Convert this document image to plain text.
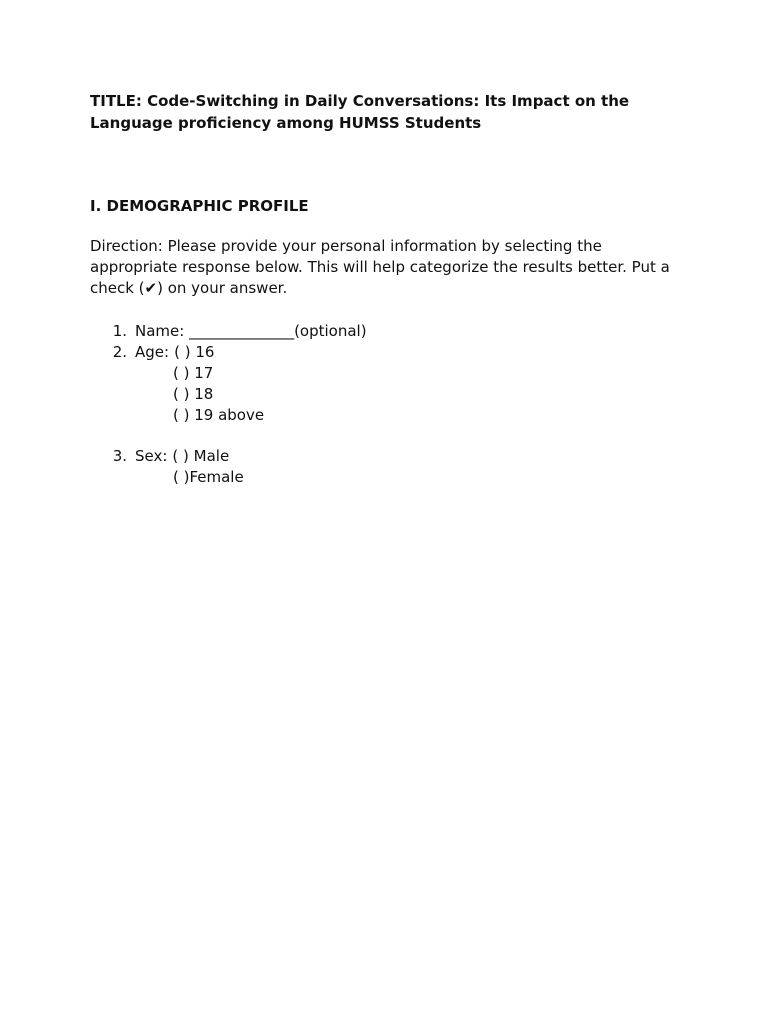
TITLE: Code-Switching in Daily Conversations: Its Impact on the
Language proficiency among HUMSS Students
I. DEMOGRAPHIC PROFILE
Direction: Please provide your personal information by selecting the
appropriate response below. This will help categorize the results better. Put a
check (✔) on your answer.
1. Name: ______________(optional)
2. Age: ( ) 16
( ) 17
( ) 18
( ) 19 above
3. Sex: ( ) Male
( )Female
